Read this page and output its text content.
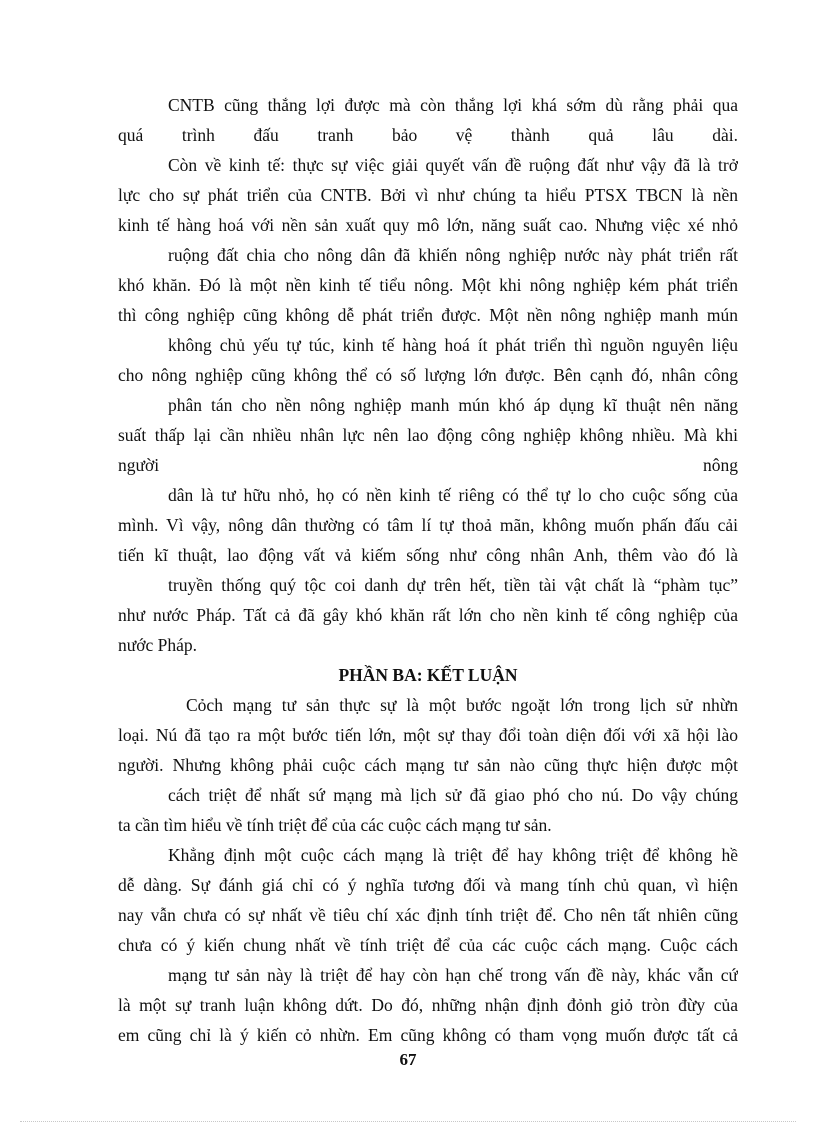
CNTB cũng thắng lợi được mà còn thắng lợi khá sớm dù rằng phải qua
quá trình đấu tranh bảo vệ thành quả lâu dài.
Còn về kinh tế: thực sự việc giải quyết vấn đề ruộng đất như vậy đã là trở
lực cho sự phát triển của CNTB. Bởi vì như chúng ta hiểu PTSX TBCN là nền
kinh tế hàng hoá với nền sản xuất quy mô lớn, năng suất cao. Nhưng việc xé nhỏ
ruộng đất chia cho nông dân đã khiến nông nghiệp nước này phát triển rất
khó khăn. Đó là một nền kinh tế tiểu nông. Một khi nông nghiệp kém phát triển
thì công nghiệp cũng không dễ phát triển được. Một nền nông nghiệp manh mún
không chủ yếu tự túc, kinh tế hàng hoá ít phát triển thì nguồn nguyên liệu
cho nông nghiệp cũng không thể có số lượng lớn được. Bên cạnh đó, nhân công
phân tán cho nền nông nghiệp manh mún khó áp dụng kĩ thuật nên năng
suất thấp lại cần nhiều nhân lực nên lao động công nghiệp không nhiều. Mà khi
người nông
dân là tư hữu nhỏ, họ có nền kinh tế riêng có thể tự lo cho cuộc sống của
mình. Vì vậy, nông dân thường có tâm lí tự thoả mãn, không muốn phấn đấu cải
tiến kĩ thuật, lao động vất vả kiếm sống như công nhân Anh, thêm vào đó là
truyền thống quý tộc coi danh dự trên hết, tiền tài vật chất là “phàm tục”
như nước Pháp. Tất cả đã gây khó khăn rất lớn cho nền kinh tế công nghiệp của
nước Pháp.
PHẦN BA: KẾT LUẬN
Cỏch mạng tư sản thực sự là một bước ngoặt lớn trong lịch sử nhừn
loại. Nú đã tạo ra một bước tiến lớn, một sự thay đổi toàn diện đối với xã hội lào
người. Nhưng không phải cuộc cách mạng tư sản nào cũng thực hiện được một
cách triệt để nhất sứ mạng mà lịch sử đã giao phó cho nú. Do vậy chúng
ta cần tìm hiểu về tính triệt để của các cuộc cách mạng tư sản.
Khẳng định một cuộc cách mạng là triệt để hay không triệt để không hề
dễ dàng. Sự đánh giá chỉ có ý nghĩa tương đối và mang tính chủ quan, vì hiện
nay vẫn chưa có sự nhất về tiêu chí xác định tính triệt để. Cho nên tất nhiên cũng
chưa có ý kiến chung nhất về tính triệt để của các cuộc cách mạng. Cuộc cách
mạng tư sản này là triệt để hay còn hạn chế trong vấn đề này, khác vẫn cứ
là một sự tranh luận không dứt. Do đó, những nhận định đỏnh giỏ tròn đừy của
em cũng chỉ là ý kiến cỏ nhừn. Em cũng không có tham vọng muốn được tất cả
67
